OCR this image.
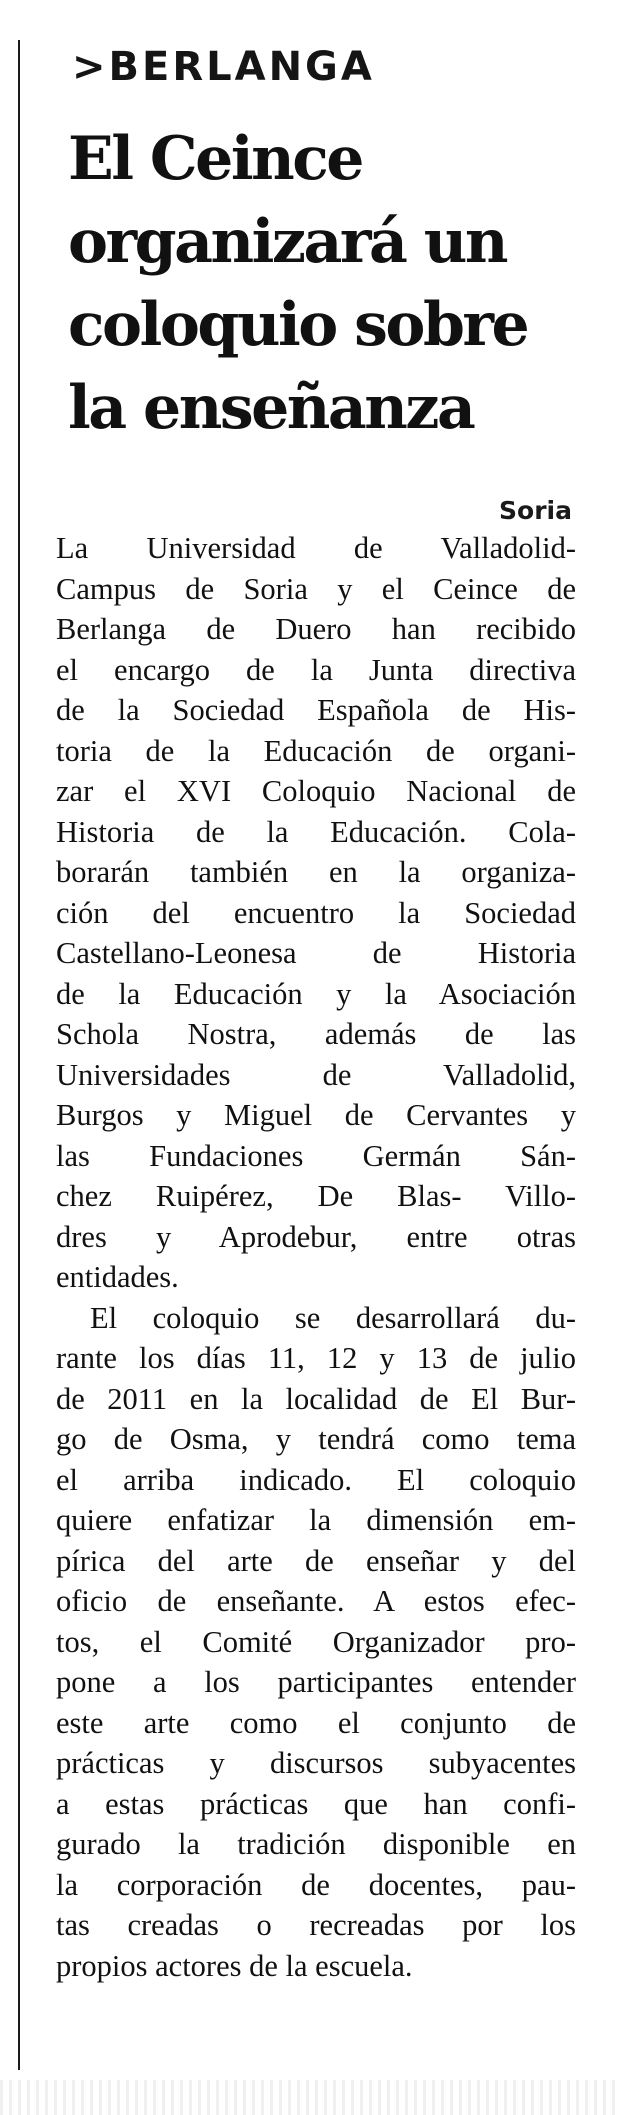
>BERLANGA
El Ceince
organizará un
coloquio sobre
la enseñanza
Soria
La Universidad de Valladolid-
Campus de Soria y el Ceince de
Berlanga de Duero han recibido
el encargo de la Junta directiva
de la Sociedad Española de His-
toria de la Educación de organi-
zar el XVI Coloquio Nacional de
Historia de la Educación. Cola-
borarán también en la organiza-
ción del encuentro la Sociedad
Castellano-Leonesa de Historia
de la Educación y la Asociación
Schola Nostra, además de las
Universidades de Valladolid,
Burgos y Miguel de Cervantes y
las Fundaciones Germán Sán-
chez Ruipérez, De Blas- Villo-
dres y Aprodebur, entre otras
entidades.
El coloquio se desarrollará du-
rante los días 11, 12 y 13 de julio
de 2011 en la localidad de El Bur-
go de Osma, y tendrá como tema
el arriba indicado. El coloquio
quiere enfatizar la dimensión em-
pírica del arte de enseñar y del
oficio de enseñante. A estos efec-
tos, el Comité Organizador pro-
pone a los participantes entender
este arte como el conjunto de
prácticas y discursos subyacentes
a estas prácticas que han confi-
gurado la tradición disponible en
la corporación de docentes, pau-
tas creadas o recreadas por los
propios actores de la escuela.
